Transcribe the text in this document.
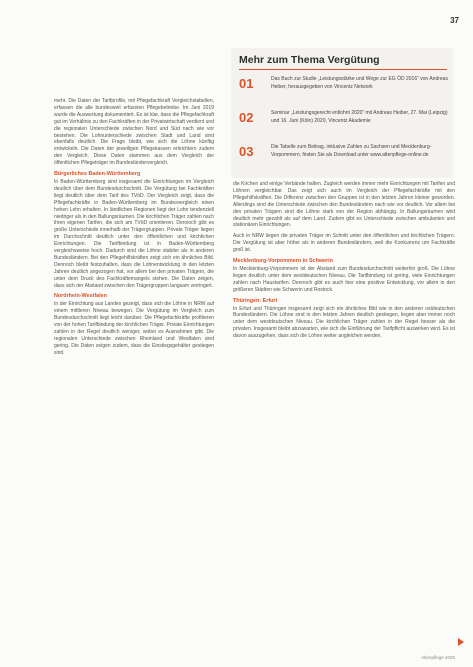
37
Mehr zum Thema Vergütung
01	Das Buch zur Studie „Leistungsstärke und Wege zur EG ÖD 2016“ von Andreas Heiber, herausgegeben von Vincentz Network
02	Seminar „Leistungsgerecht entlohnt 2020“ mit Andreas Heiber, 27. Mai (Leipzig) und 16. Juni (Köln) 2020, Vincentz Akademie
03	Die Tabelle zum Beitrag, inklusive Zahlen zu Sachsen und Mecklenburg-Vorpommern, finden Sie als Download unter www.altenpflege-online.de

mehr. Die Daten der Tarifprofile, mit Pflegefachkraft Vergleichstabellen, erfassen die alle bundesweit erfassten Pflegebetriebe. Im Juni 2019 wurde die Auswertung dokumentiert. Es ist klar, dass die Pflegefachkraft gut im Verhältnis zu den Fachkräften in der Privatwirtschaft verdient und die regionalen Unterschiede zwischen Nord und Süd nach wie vor bestehen. Die Lohnunterschiede zwischen Stadt und Land sind ebenfalls deutlich. Die Frage bleibt, wie sich die Löhne künftig entwickeln. Die Daten der jeweiligen Pflegekassen erleichtern zudem den Vergleich. Diese Daten stammen aus dem Vergleich der öffentlichen Pflegeträger im Bundesländervergleich.

Bürgerliches Baden-Württemberg

In Baden-Württemberg sind insgesamt die Einrichtungen im Vergleich deutlich über dem Bundesdurchschnitt. Die Vergütung bei Fachkräften liegt deutlich über dem Tarif des TVöD. Der Vergleich zeigt, dass die Pflegefachkräfte in Baden-Württemberg im Bundesvergleich einen hohen Lohn erhalten. In ländlichen Regionen liegt der Lohn tendenziell niedriger als in den Ballungsräumen. Die kirchlichen Träger zahlen nach ihren eigenen Tarifen, die sich am TVöD orientieren. Dennoch gibt es große Unterschiede innerhalb der Trägergruppen. Private Träger liegen im Durchschnitt deutlich unter den öffentlichen und kirchlichen Einrichtungen. Die Tarifbindung ist in Baden-Württemberg vergleichsweise hoch. Dadurch sind die Löhne stabiler als in anderen Bundesländern. Bei den Pflegehilfskräften zeigt sich ein ähnliches Bild. Dennoch bleibt festzuhalten, dass die Lohnentwicklung in den letzten Jahren deutlich angezogen hat, vor allem bei den privaten Trägern, die unter dem Druck des Fachkräftemangels stehen. Die Daten zeigen, dass sich der Abstand zwischen den Trägergruppen langsam verringert.

Nordrhein-Westfalen

In der Einrichtung aus Landes gezeigt, dass sich die Löhne in NRW auf einem mittleren Niveau bewegen. Die Vergütung im Vergleich zum Bundesdurchschnitt liegt leicht darüber. Die Pflegefachkräfte profitieren von der hohen Tarifbindung der kirchlichen Träger. Private Einrichtungen zahlen in der Regel deutlich weniger, wobei es Ausnahmen gibt. Die regionalen Unterschiede zwischen Rheinland und Westfalen sind gering. Die Daten zeigen zudem, dass die Einstiegsgehälter gestiegen sind.

die Kirchen und einige Verbände halten. Zugleich werden immer mehr Einrichtungen mit Tarifen und Löhnen vergleichbar. Das zeigt sich auch im Vergleich der Pflegefachkräfte mit den Pflegehilfskräften. Die Differenz zwischen den Gruppen ist in den letzten Jahren kleiner geworden. Allerdings sind die Unterschiede zwischen den Bundesländern nach wie vor deutlich. Vor allem bei den privaten Trägern sind die Löhne stark von der Region abhängig. In Ballungsräumen wird deutlich mehr gezahlt als auf dem Land. Zudem gibt es Unterschiede zwischen ambulanten und stationären Einrichtungen.

Auch in NRW liegen die privaten Träger im Schnitt unter den öffentlichen und kirchlichen Trägern. Die Vergütung ist aber höher als in anderen Bundesländern, weil die Konkurrenz um Fachkräfte groß ist.

Mecklenburg-Vorpommern in Schwerin

In Mecklenburg-Vorpommern ist der Abstand zum Bundesdurchschnitt weiterhin groß. Die Löhne liegen deutlich unter dem westdeutschen Niveau. Die Tarifbindung ist gering, viele Einrichtungen zahlen nach Haustarifen. Dennoch gibt es auch hier eine positive Entwicklung, vor allem in den größeren Städten wie Schwerin und Rostock.

Thüringen: Erfurt

In Erfurt und Thüringen insgesamt zeigt sich ein ähnliches Bild wie in den anderen ostdeutschen Bundesländern. Die Löhne sind in den letzten Jahren deutlich gestiegen, liegen aber immer noch unter dem westdeutschen Niveau. Die kirchlichen Träger zahlen in der Regel besser als die privaten. Insgesamt bleibt abzuwarten, wie sich die Einführung der Tarifpflicht auswirken wird. Es ist davon auszugehen, dass sich die Löhne weiter angleichen werden.

Altenpflege 2020
